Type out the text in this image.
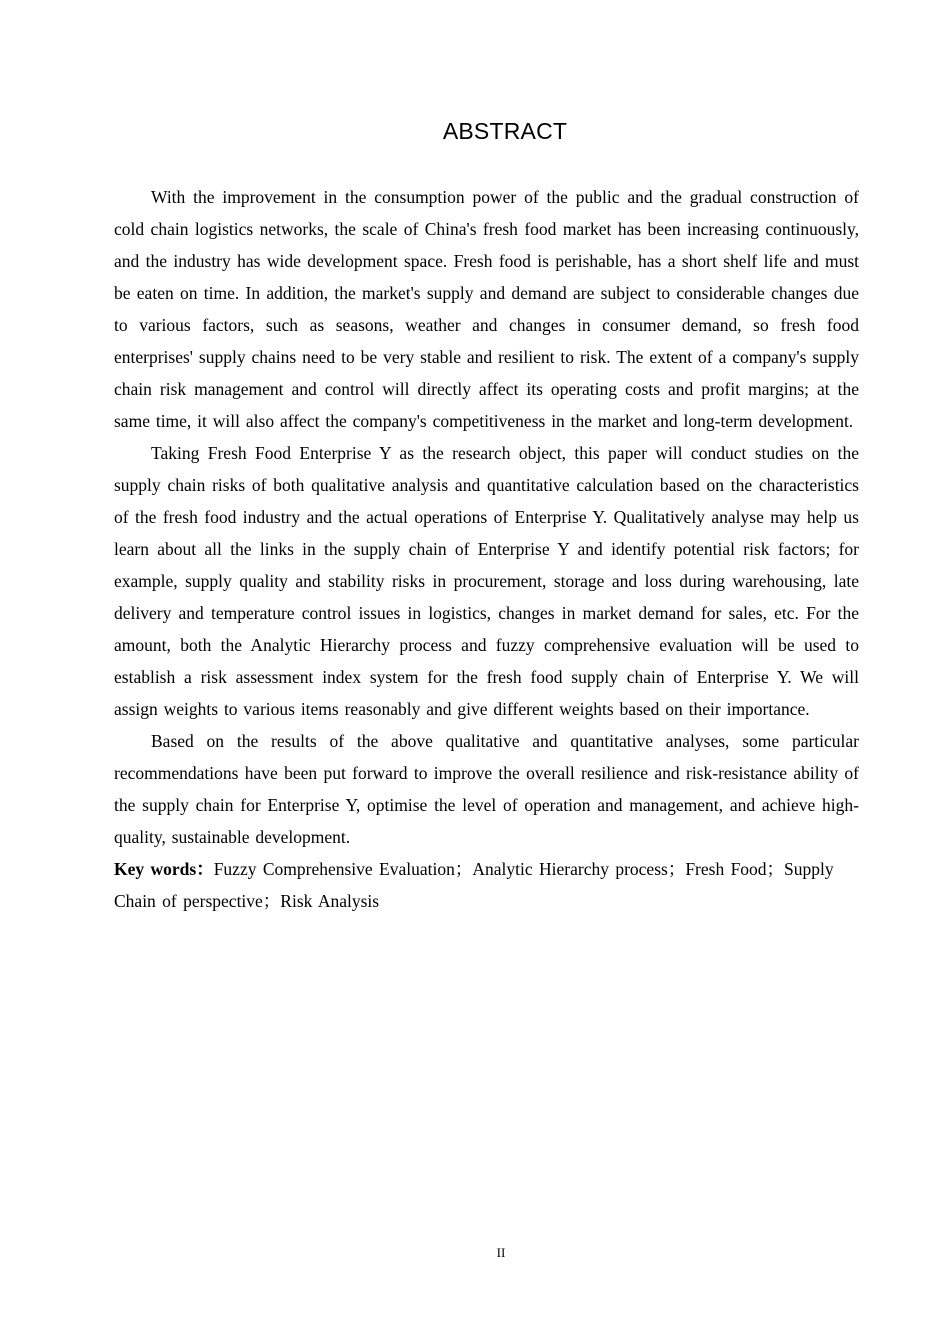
ABSTRACT

With the improvement in the consumption power of the public and the gradual construction of cold chain logistics networks, the scale of China's fresh food market has been increasing continuously, and the industry has wide development space. Fresh food is perishable, has a short shelf life and must be eaten on time. In addition, the market's supply and demand are subject to considerable changes due to various factors, such as seasons, weather and changes in consumer demand, so fresh food enterprises' supply chains need to be very stable and resilient to risk. The extent of a company's supply chain risk management and control will directly affect its operating costs and profit margins; at the same time, it will also affect the company's competitiveness in the market and long-term development.

Taking Fresh Food Enterprise Y as the research object, this paper will conduct studies on the supply chain risks of both qualitative analysis and quantitative calculation based on the characteristics of the fresh food industry and the actual operations of Enterprise Y. Qualitatively analyse may help us learn about all the links in the supply chain of Enterprise Y and identify potential risk factors; for example, supply quality and stability risks in procurement, storage and loss during warehousing, late delivery and temperature control issues in logistics, changes in market demand for sales, etc. For the amount, both the Analytic Hierarchy process and fuzzy comprehensive evaluation will be used to establish a risk assessment index system for the fresh food supply chain of Enterprise Y. We will assign weights to various items reasonably and give different weights based on their importance.

Based on the results of the above qualitative and quantitative analyses, some particular recommendations have been put forward to improve the overall resilience and risk-resistance ability of the supply chain for Enterprise Y, optimise the level of operation and management, and achieve high-quality, sustainable development.

Key words：Fuzzy Comprehensive Evaluation；Analytic Hierarchy process；Fresh Food；Supply Chain of perspective；Risk Analysis

II
